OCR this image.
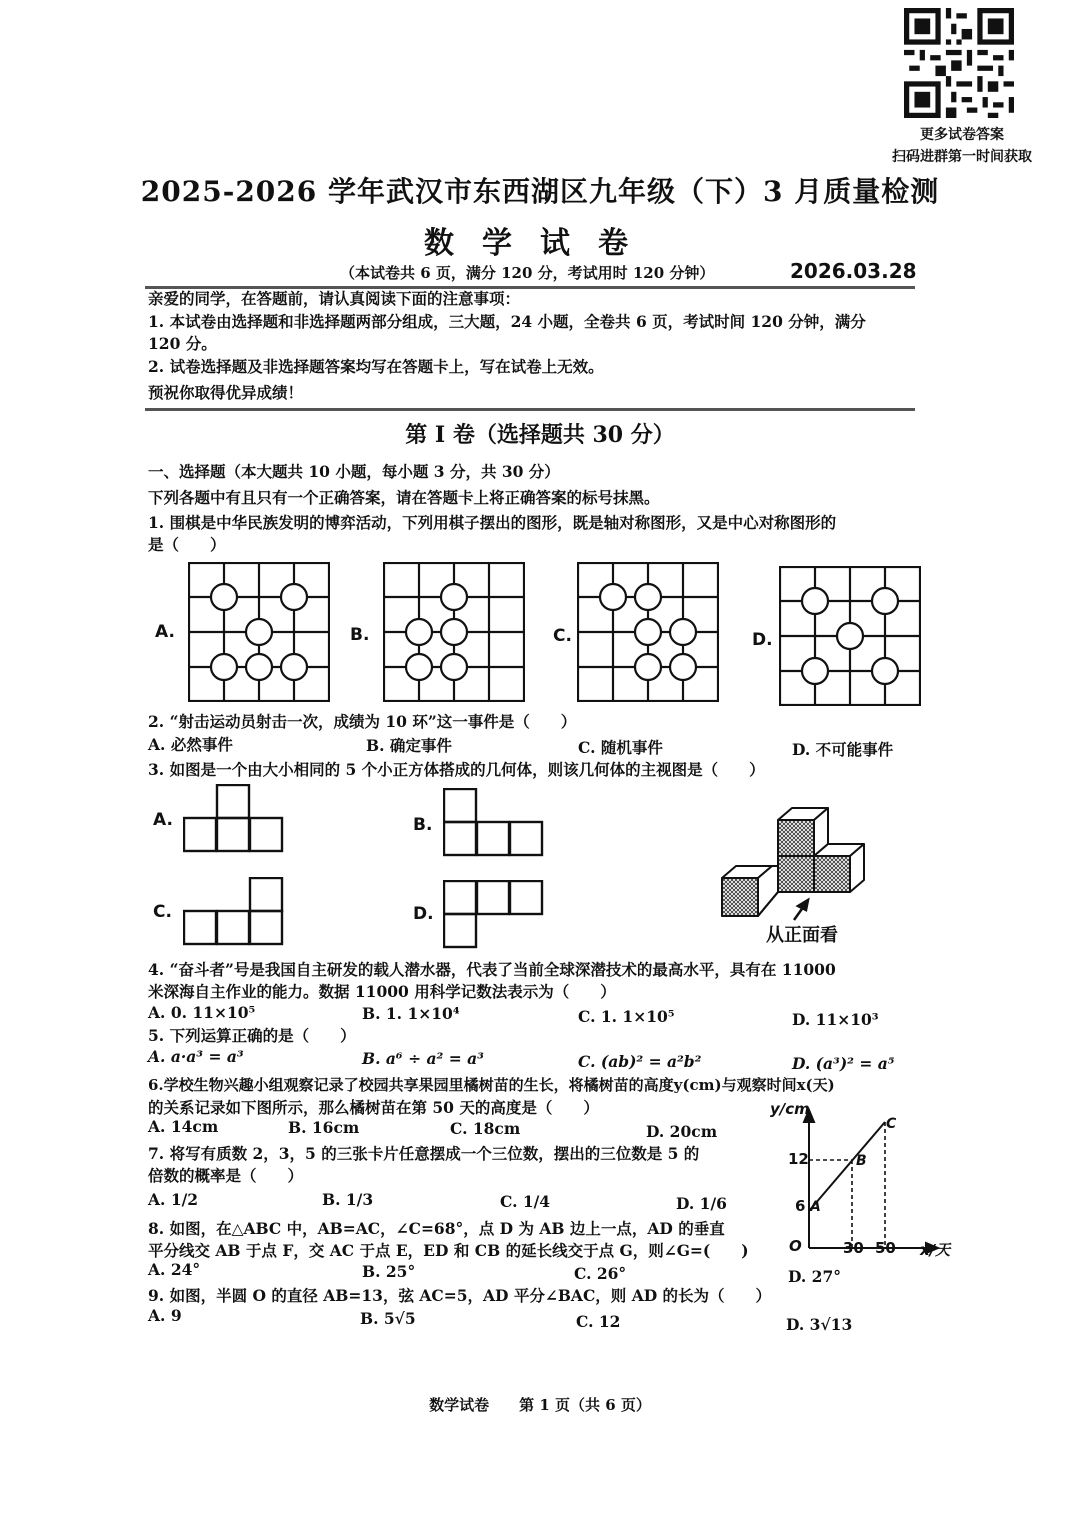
更多试卷答案
扫码进群第一时间获取
2025-2026 学年武汉市东西湖区九年级（下）3 月质量检测
数学试卷
（本试卷共 6 页，满分 120 分，考试用时 120 分钟）	2026.03.28
亲爱的同学，在答题前，请认真阅读下面的注意事项：
1. 本试卷由选择题和非选择题两部分组成，三大题，24 小题，全卷共 6 页，考试时间 120 分钟，满分
120 分。
2. 试卷选择题及非选择题答案均写在答题卡上，写在试卷上无效。
预祝你取得优异成绩！
第 I 卷（选择题共 30 分）
一、选择题（本大题共 10 小题，每小题 3 分，共 30 分）
下列各题中有且只有一个正确答案，请在答题卡上将正确答案的标号抹黑。
1. 围棋是中华民族发明的博弈活动，下列用棋子摆出的图形，既是轴对称图形，又是中心对称图形的
是（　　）
A.	B.	C.	D.
2. “射击运动员射击一次，成绩为 10 环”这一事件是（　　）
A. 必然事件	B. 确定事件	C. 随机事件	D. 不可能事件
3. 如图是一个由大小相同的 5 个小正方体搭成的几何体，则该几何体的主视图是（　　）
A.	B.
C.	D.
从正面看
4. “奋斗者”号是我国自主研发的载人潜水器，代表了当前全球深潜技术的最高水平，具有在 11000
米深海自主作业的能力。数据 11000 用科学记数法表示为（　　）
A. 0. 11×10⁵	B. 1. 1×10⁴	C. 1. 1×10⁵	D. 11×10³
5. 下列运算正确的是（　　）
A. a·a³ = a³	B. a⁶ ÷ a² = a³	C. (ab)² = a²b²	D. (a³)² = a⁵
6.学校生物兴趣小组观察记录了校园共享果园里橘树苗的生长，将橘树苗的高度y(cm)与观察时间x(天)
的关系记录如下图所示，那么橘树苗在第 50 天的高度是（　　）
A. 14cm	B. 16cm	C. 18cm	D. 20cm
y/cm
x/天
O
12
6
30 50
A
B
C
7. 将写有质数 2，3，5 的三张卡片任意摆成一个三位数，摆出的三位数是 5 的
倍数的概率是（　　）
A. 1/2	B. 1/3	C. 1/4	D. 1/6
8. 如图，在△ABC 中，AB=AC，∠C=68°，点 D 为 AB 边上一点，AD 的垂直
平分线交 AB 于点 F，交 AC 于点 E，ED 和 CB 的延长线交于点 G，则∠G=(　　)
A. 24°	B. 25°	C. 26°	D. 27°
9. 如图，半圆 O 的直径 AB=13，弦 AC=5，AD 平分∠BAC，则 AD 的长为（　　）
A. 9	B. 5√5	C. 12	D. 3√13
数学试卷　　第 1 页（共 6 页）
